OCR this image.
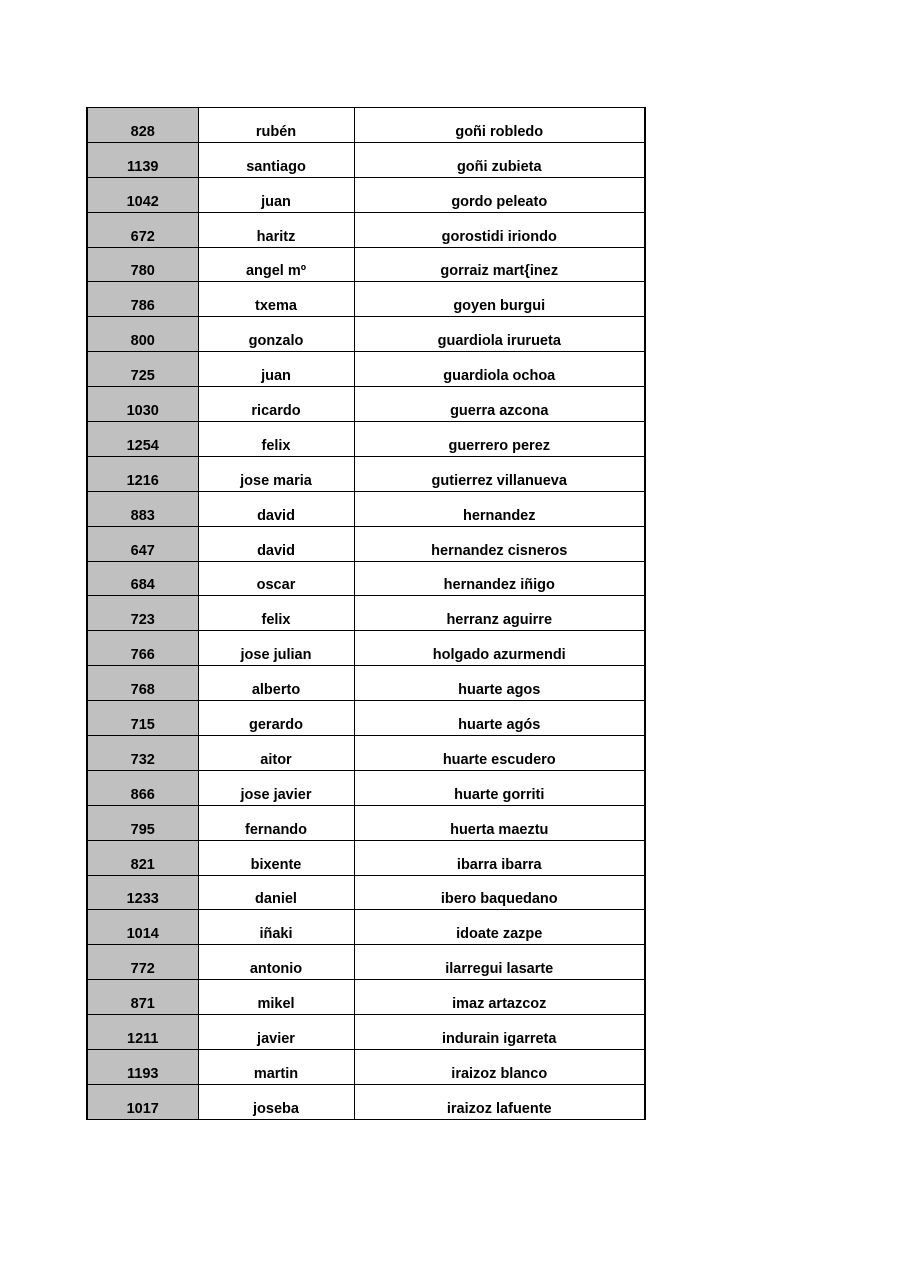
828	rubén	goñi robledo
1139	santiago	goñi zubieta
1042	juan	gordo peleato
672	haritz	gorostidi iriondo
780	angel mº	gorraiz mart{inez
786	txema	goyen burgui
800	gonzalo	guardiola irurueta
725	juan	guardiola ochoa
1030	ricardo	guerra azcona
1254	felix	guerrero perez
1216	jose maria	gutierrez villanueva
883	david	hernandez
647	david	hernandez cisneros
684	oscar	hernandez iñigo
723	felix	herranz aguirre
766	jose julian	holgado azurmendi
768	alberto	huarte agos
715	gerardo	huarte agós
732	aitor	huarte escudero
866	jose javier	huarte gorriti
795	fernando	huerta maeztu
821	bixente	ibarra ibarra
1233	daniel	ibero baquedano
1014	iñaki	idoate zazpe
772	antonio	ilarregui lasarte
871	mikel	imaz artazcoz
1211	javier	indurain igarreta
1193	martin	iraizoz blanco
1017	joseba	iraizoz lafuente
